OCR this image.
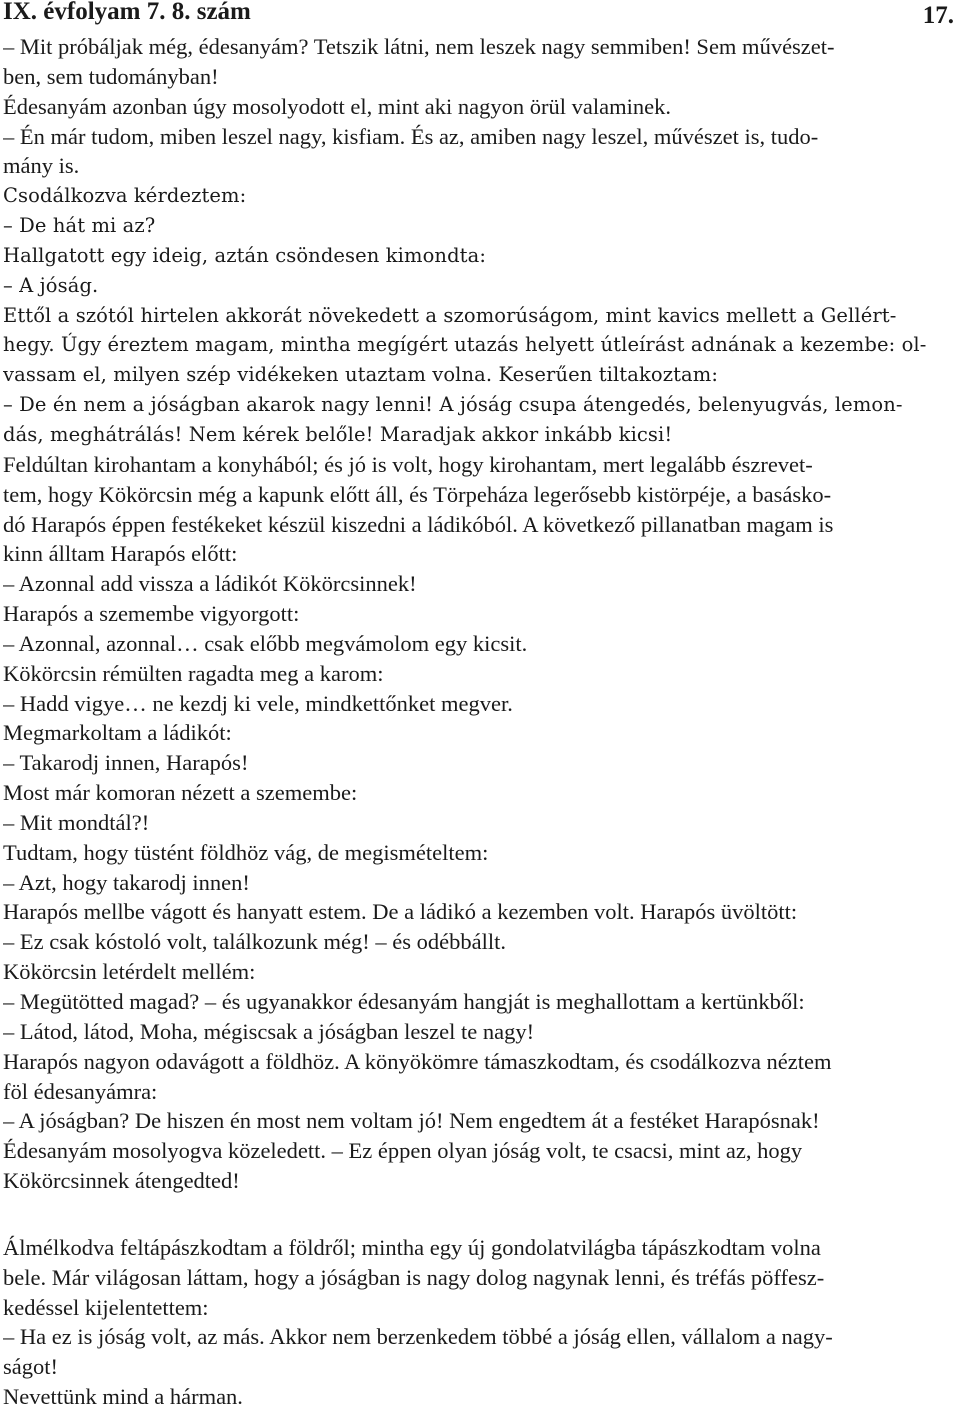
IX. évfolyam 7. 8. szám	17.
– Mit próbáljak még, édesanyám? Tetszik látni, nem leszek nagy semmiben! Sem művészet-
ben, sem tudományban!
Édesanyám azonban úgy mosolyodott el, mint aki nagyon örül valaminek.
– Én már tudom, miben leszel nagy, kisfiam. És az, amiben nagy leszel, művészet is, tudo-
mány is.
Csodálkozva kérdeztem:
– De hát mi az?
Hallgatott egy ideig, aztán csöndesen kimondta:
– A jóság.
Ettől a szótól hirtelen akkorát növekedett a szomorúságom, mint kavics mellett a Gellért-
hegy. Úgy éreztem magam, mintha megígért utazás helyett útleírást adnának a kezembe: ol-
vassam el, milyen szép vidékeken utaztam volna. Keserűen tiltakoztam:
– De én nem a jóságban akarok nagy lenni! A jóság csupa átengedés, belenyugvás, lemon-
dás, meghátrálás! Nem kérek belőle! Maradjak akkor inkább kicsi!
Feldúltan kirohantam a konyhából; és jó is volt, hogy kirohantam, mert legalább észrevet-
tem, hogy Kökörcsin még a kapunk előtt áll, és Törpeháza legerősebb kistörpéje, a basásko-
dó Harapós éppen festékeket készül kiszedni a ládikóból. A következő pillanatban magam is
kinn álltam Harapós előtt:
– Azonnal add vissza a ládikót Kökörcsinnek!
Harapós a szemembe vigyorgott:
– Azonnal, azonnal… csak előbb megvámolom egy kicsit.
Kökörcsin rémülten ragadta meg a karom:
– Hadd vigye… ne kezdj ki vele, mindkettőnket megver.
Megmarkoltam a ládikót:
– Takarodj innen, Harapós!
Most már komoran nézett a szemembe:
– Mit mondtál?!
Tudtam, hogy tüstént földhöz vág, de megismételtem:
– Azt, hogy takarodj innen!
Harapós mellbe vágott és hanyatt estem. De a ládikó a kezemben volt. Harapós üvöltött:
– Ez csak kóstoló volt, találkozunk még! – és odébbállt.
Kökörcsin letérdelt mellém:
– Megütötted magad? – és ugyanakkor édesanyám hangját is meghallottam a kertünkből:
– Látod, látod, Moha, mégiscsak a jóságban leszel te nagy!
Harapós nagyon odavágott a földhöz. A könyökömre támaszkodtam, és csodálkozva néztem
föl édesanyámra:
– A jóságban? De hiszen én most nem voltam jó! Nem engedtem át a festéket Harapósnak!
Édesanyám mosolyogva közeledett. – Ez éppen olyan jóság volt, te csacsi, mint az, hogy
Kökörcsinnek átengedted!
Álmélkodva feltápászkodtam a földről; mintha egy új gondolatvilágba tápászkodtam volna
bele. Már világosan láttam, hogy a jóságban is nagy dolog nagynak lenni, és tréfás pöffesz-
kedéssel kijelentettem:
– Ha ez is jóság volt, az más. Akkor nem berzenkedem többé a jóság ellen, vállalom a nagy-
ságot!
Nevettünk mind a hárman.
